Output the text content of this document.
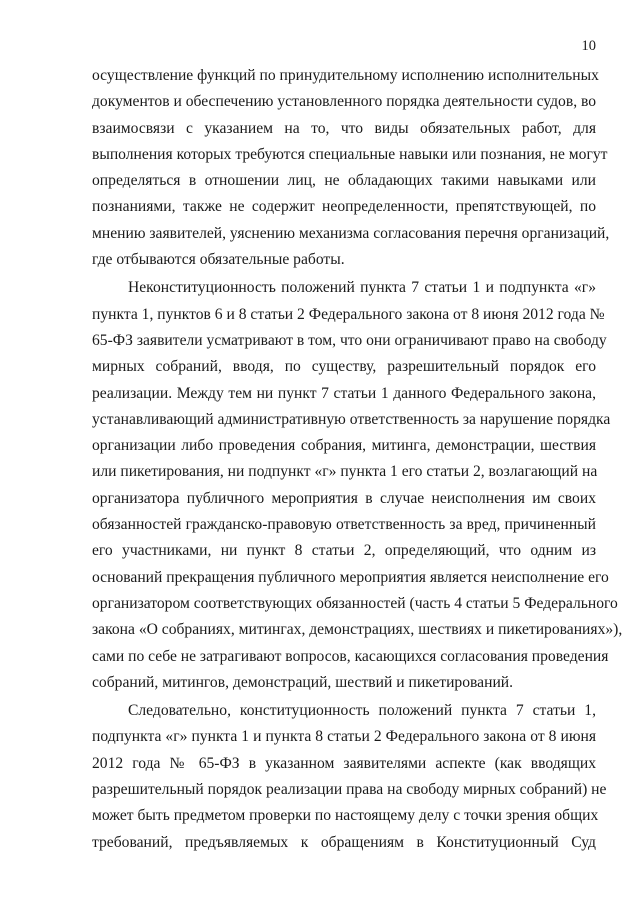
10
осуществление функций по принудительному исполнению исполнительных
документов и обеспечению установленного порядка деятельности судов, во
взаимосвязи с указанием на то, что виды обязательных работ, для
выполнения которых требуются специальные навыки или познания, не могут
определяться в отношении лиц, не обладающих такими навыками или
познаниями, также не содержит неопределенности, препятствующей, по
мнению заявителей, уяснению механизма согласования перечня организаций,
где отбываются обязательные работы.
Неконституционность положений пункта 7 статьи 1 и подпункта «г»
пункта 1, пунктов 6 и 8 статьи 2 Федерального закона от 8 июня 2012 года №
65-ФЗ заявители усматривают в том, что они ограничивают право на свободу
мирных собраний, вводя, по существу, разрешительный порядок его
реализации. Между тем ни пункт 7 статьи 1 данного Федерального закона,
устанавливающий административную ответственность за нарушение порядка
организации либо проведения собрания, митинга, демонстрации, шествия
или пикетирования, ни подпункт «г» пункта 1 его статьи 2, возлагающий на
организатора публичного мероприятия в случае неисполнения им своих
обязанностей гражданско-правовую ответственность за вред, причиненный
его участниками, ни пункт 8 статьи 2, определяющий, что одним из
оснований прекращения публичного мероприятия является неисполнение его
организатором соответствующих обязанностей (часть 4 статьи 5 Федерального
закона «О собраниях, митингах, демонстрациях, шествиях и пикетированиях»),
сами по себе не затрагивают вопросов, касающихся согласования проведения
собраний, митингов, демонстраций, шествий и пикетирований.
Следовательно, конституционность положений пункта 7 статьи 1,
подпункта «г» пункта 1 и пункта 8 статьи 2 Федерального закона от 8 июня
2012 года № 65-ФЗ в указанном заявителями аспекте (как вводящих
разрешительный порядок реализации права на свободу мирных собраний) не
может быть предметом проверки по настоящему делу с точки зрения общих
требований, предъявляемых к обращениям в Конституционный Суд
